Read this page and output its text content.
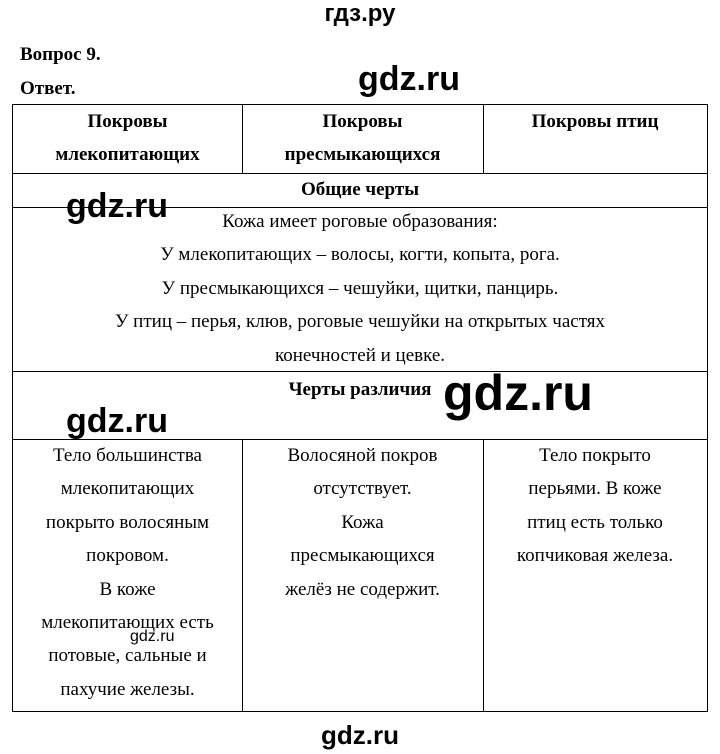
гдз.ру
Вопрос 9.
Ответ.
Покровы
млекопитающих
Покровы
пресмыкающихся
Покровы птиц
Общие черты
Кожа имеет роговые образования:
У млекопитающих – волосы, когти, копыта, рога.
У пресмыкающихся – чешуйки, щитки, панцирь.
У птиц – перья, клюв, роговые чешуйки на открытых частях
конечностей и цевке.
Черты различия
Тело большинства
млекопитающих
покрыто волосяным
покровом.
В коже
млекопитающих есть
потовые, сальные и
пахучие железы.
Волосяной покров
отсутствует.
Кожа
пресмыкающихся
желёз не содержит.
Тело покрыто
перьями. В коже
птиц есть только
копчиковая железа.
gdz.ru
gdz.ru
gdz.ru
gdz.ru
gdz.ru
gdz.ru
